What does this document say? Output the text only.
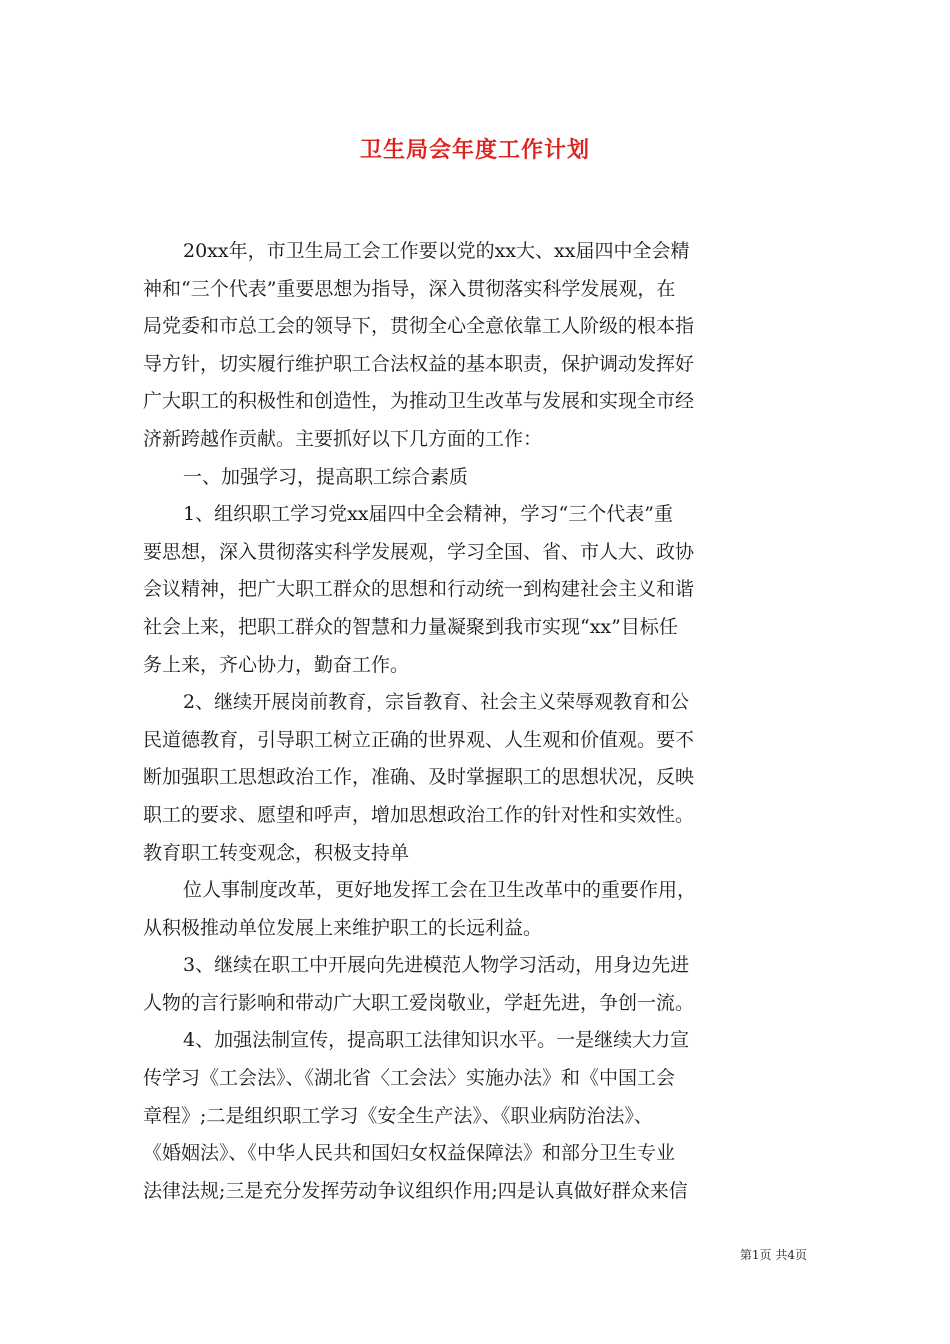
卫生局会年度工作计划
20xx年，市卫生局工会工作要以党的xx大、xx届四中全会精
神和“三个代表”重要思想为指导，深入贯彻落实科学发展观，在
局党委和市总工会的领导下，贯彻全心全意依靠工人阶级的根本指
导方针，切实履行维护职工合法权益的基本职责，保护调动发挥好
广大职工的积极性和创造性，为推动卫生改革与发展和实现全市经
济新跨越作贡献。主要抓好以下几方面的工作：
一、加强学习，提高职工综合素质
1、组织职工学习党xx届四中全会精神，学习“三个代表”重
要思想，深入贯彻落实科学发展观，学习全国、省、市人大、政协
会议精神，把广大职工群众的思想和行动统一到构建社会主义和谐
社会上来，把职工群众的智慧和力量凝聚到我市实现“xx”目标任
务上来，齐心协力，勤奋工作。
2、继续开展岗前教育，宗旨教育、社会主义荣辱观教育和公
民道德教育，引导职工树立正确的世界观、人生观和价值观。要不
断加强职工思想政治工作，准确、及时掌握职工的思想状况，反映
职工的要求、愿望和呼声，增加思想政治工作的针对性和实效性。
教育职工转变观念，积极支持单
位人事制度改革，更好地发挥工会在卫生改革中的重要作用，
从积极推动单位发展上来维护职工的长远利益。
3、继续在职工中开展向先进模范人物学习活动，用身边先进
人物的言行影响和带动广大职工爱岗敬业，学赶先进，争创一流。
4、加强法制宣传，提高职工法律知识水平。一是继续大力宣
传学习《工会法》、《湖北省〈工会法〉实施办法》和《中国工会
章程》;二是组织职工学习《安全生产法》、《职业病防治法》、
《婚姻法》、《中华人民共和国妇女权益保障法》和部分卫生专业
法律法规;三是充分发挥劳动争议组织作用;四是认真做好群众来信
第1页 共4页
